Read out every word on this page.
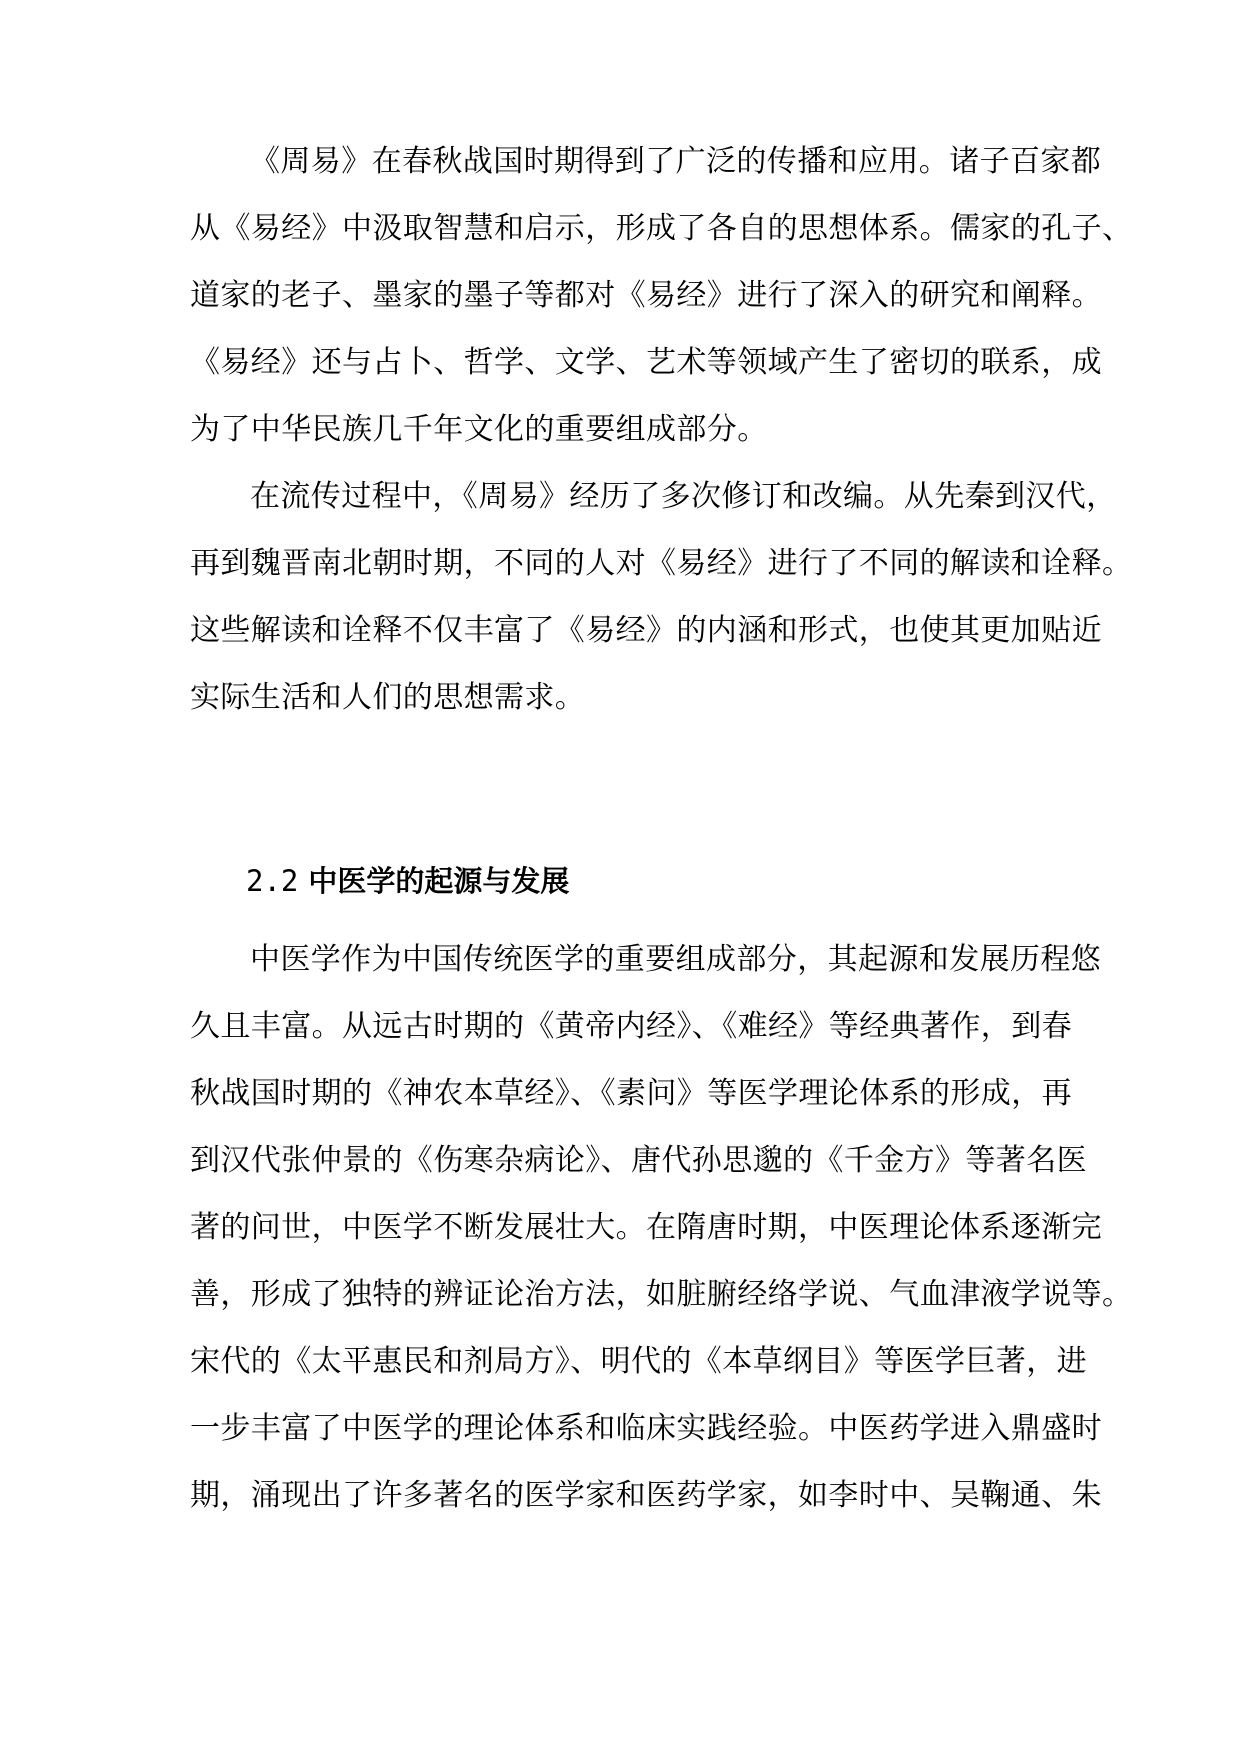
《周易》在春秋战国时期得到了广泛的传播和应用。诸子百家都
从《易经》中汲取智慧和启示，形成了各自的思想体系。儒家的孔子、
道家的老子、墨家的墨子等都对《易经》进行了深入的研究和阐释。
《易经》还与占卜、哲学、文学、艺术等领域产生了密切的联系，成
为了中华民族几千年文化的重要组成部分。
在流传过程中，《周易》经历了多次修订和改编。从先秦到汉代，
再到魏晋南北朝时期，不同的人对《易经》进行了不同的解读和诠释。
这些解读和诠释不仅丰富了《易经》的内涵和形式，也使其更加贴近
实际生活和人们的思想需求。
2.2 中医学的起源与发展
中医学作为中国传统医学的重要组成部分，其起源和发展历程悠
久且丰富。从远古时期的《黄帝内经》、《难经》等经典著作，到春
秋战国时期的《神农本草经》、《素问》等医学理论体系的形成，再
到汉代张仲景的《伤寒杂病论》、唐代孙思邈的《千金方》等著名医
著的问世，中医学不断发展壮大。在隋唐时期，中医理论体系逐渐完
善，形成了独特的辨证论治方法，如脏腑经络学说、气血津液学说等。
宋代的《太平惠民和剂局方》、明代的《本草纲目》等医学巨著，进
一步丰富了中医学的理论体系和临床实践经验。中医药学进入鼎盛时
期，涌现出了许多著名的医学家和医药学家，如李时中、吴鞠通、朱
